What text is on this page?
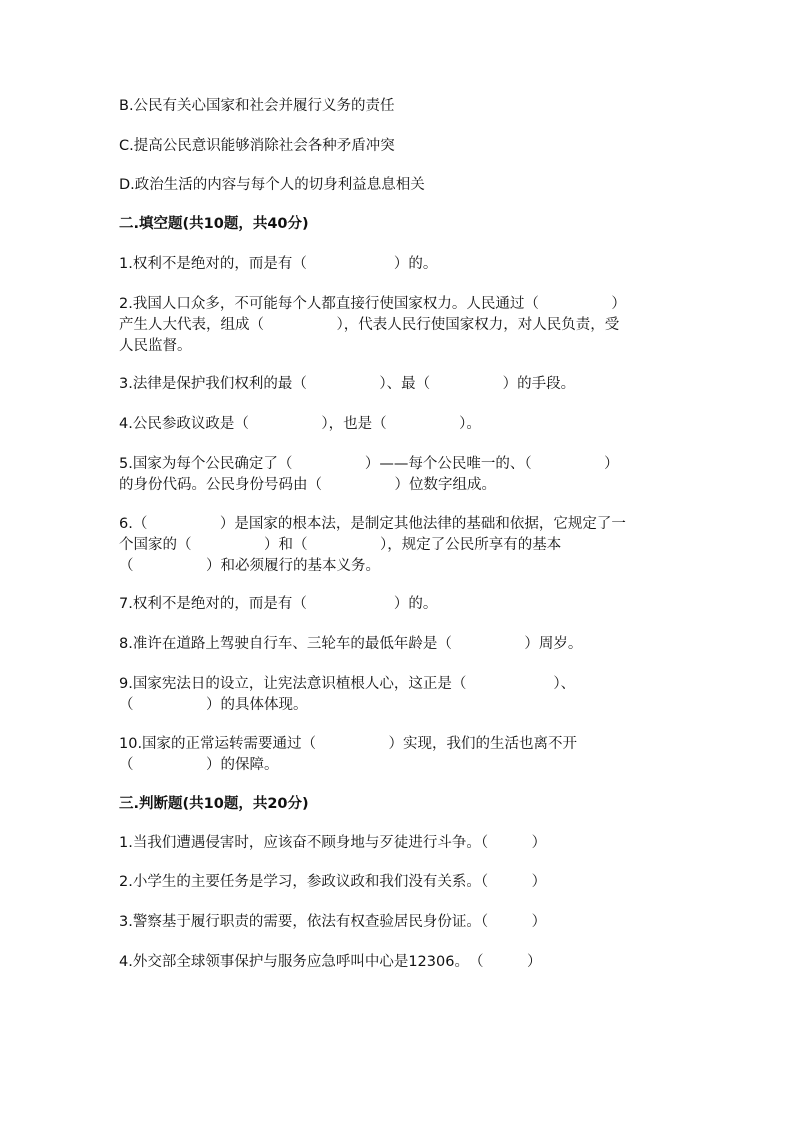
B.公民有关心国家和社会并履行义务的责任
C.提高公民意识能够消除社会各种矛盾冲突
D.政治生活的内容与每个人的切身利益息息相关
二.填空题(共10题，共40分)
1.权利不是绝对的，而是有（　　　　　　）的。
2.我国人口众多，不可能每个人都直接行使国家权力。人民通过（　　　　　）
产生人大代表，组成（　　　　　），代表人民行使国家权力，对人民负责，受
人民监督。
3.法律是保护我们权利的最（　　　　　）、最（　　　　　）的手段。
4.公民参政议政是（　　　　　），也是（　　　　　）。
5.国家为每个公民确定了（　　　　　）——每个公民唯一的、（　　　　　）
的身份代码。公民身份号码由（　　　　　）位数字组成。
6.（　　　　　）是国家的根本法，是制定其他法律的基础和依据，它规定了一
个国家的（　　　　　）和（　　　　　），规定了公民所享有的基本
（　　　　　）和必须履行的基本义务。
7.权利不是绝对的，而是有（　　　　　　）的。
8.准许在道路上驾驶自行车、三轮车的最低年龄是（　　　　　）周岁。
9.国家宪法日的设立，让宪法意识植根人心，这正是（　　　　　　）、
（　　　　　）的具体体现。
10.国家的正常运转需要通过（　　　　　）实现，我们的生活也离不开
（　　　　　）的保障。
三.判断题(共10题，共20分)
1.当我们遭遇侵害时，应该奋不顾身地与歹徒进行斗争。（　　　）
2.小学生的主要任务是学习，参政议政和我们没有关系。（　　　）
3.警察基于履行职责的需要，依法有权查验居民身份证。（　　　）
4.外交部全球领事保护与服务应急呼叫中心是12306。　（　　　）
